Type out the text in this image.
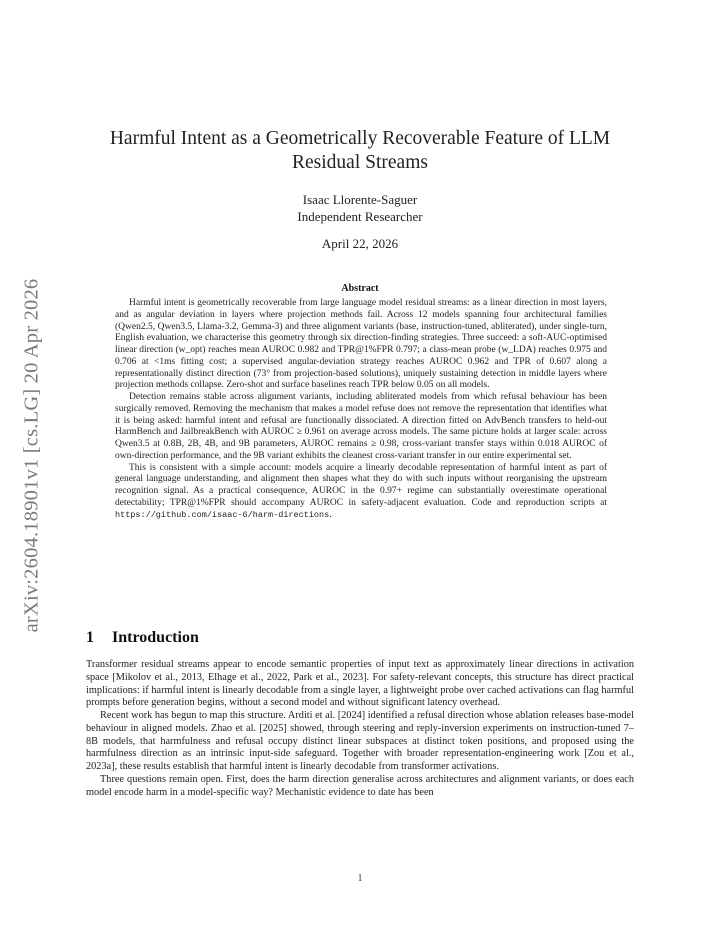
arXiv:2604.18901v1 [cs.LG] 20 Apr 2026
Harmful Intent as a Geometrically Recoverable Feature of LLM Residual Streams
Isaac Llorente-Saguer
Independent Researcher
April 22, 2026
Abstract

Harmful intent is geometrically recoverable from large language model residual streams: as a linear direction in most layers, and as angular deviation in layers where projection methods fail. Across 12 models spanning four architectural families (Qwen2.5, Qwen3.5, Llama-3.2, Gemma-3) and three alignment variants (base, instruction-tuned, abliterated), under single-turn, English evaluation, we characterise this geometry through six direction-finding strategies. Three succeed: a soft-AUC-optimised linear direction (w_opt) reaches mean AUROC 0.982 and TPR@1%FPR 0.797; a class-mean probe (w_LDA) reaches 0.975 and 0.706 at <1ms fitting cost; a supervised angular-deviation strategy reaches AUROC 0.962 and TPR of 0.607 along a representationally distinct direction (73° from projection-based solutions), uniquely sustaining detection in middle layers where projection methods collapse. Zero-shot and surface baselines reach TPR below 0.05 on all models.

Detection remains stable across alignment variants, including abliterated models from which refusal behaviour has been surgically removed. Removing the mechanism that makes a model refuse does not remove the representation that identifies what it is being asked: harmful intent and refusal are functionally dissociated. A direction fitted on AdvBench transfers to held-out HarmBench and JailbreakBench with AUROC ≥ 0.961 on average across models. The same picture holds at larger scale: across Qwen3.5 at 0.8B, 2B, 4B, and 9B parameters, AUROC remains ≥ 0.98, cross-variant transfer stays within 0.018 AUROC of own-direction performance, and the 9B variant exhibits the cleanest cross-variant transfer in our entire experimental set.

This is consistent with a simple account: models acquire a linearly decodable representation of harmful intent as part of general language understanding, and alignment then shapes what they do with such inputs without reorganising the upstream recognition signal. As a practical consequence, AUROC in the 0.97+ regime can substantially overestimate operational detectability; TPR@1%FPR should accompany AUROC in safety-adjacent evaluation. Code and reproduction scripts at https://github.com/isaac-6/harm-directions.

1 Introduction

Transformer residual streams appear to encode semantic properties of input text as approximately linear directions in activation space [Mikolov et al., 2013, Elhage et al., 2022, Park et al., 2023]. For safety-relevant concepts, this structure has direct practical implications: if harmful intent is linearly decodable from a single layer, a lightweight probe over cached activations can flag harmful prompts before generation begins, without a second model and without significant latency overhead.

Recent work has begun to map this structure. Arditi et al. [2024] identified a refusal direction whose ablation releases base-model behaviour in aligned models. Zhao et al. [2025] showed, through steering and reply-inversion experiments on instruction-tuned 7–8B models, that harmfulness and refusal occupy distinct linear subspaces at distinct token positions, and proposed using the harmfulness direction as an intrinsic input-side safeguard. Together with broader representation-engineering work [Zou et al., 2023a], these results establish that harmful intent is linearly decodable from transformer activations.

Three questions remain open. First, does the harm direction generalise across architectures and alignment variants, or does each model encode harm in a model-specific way? Mechanistic evidence to date has been

1
